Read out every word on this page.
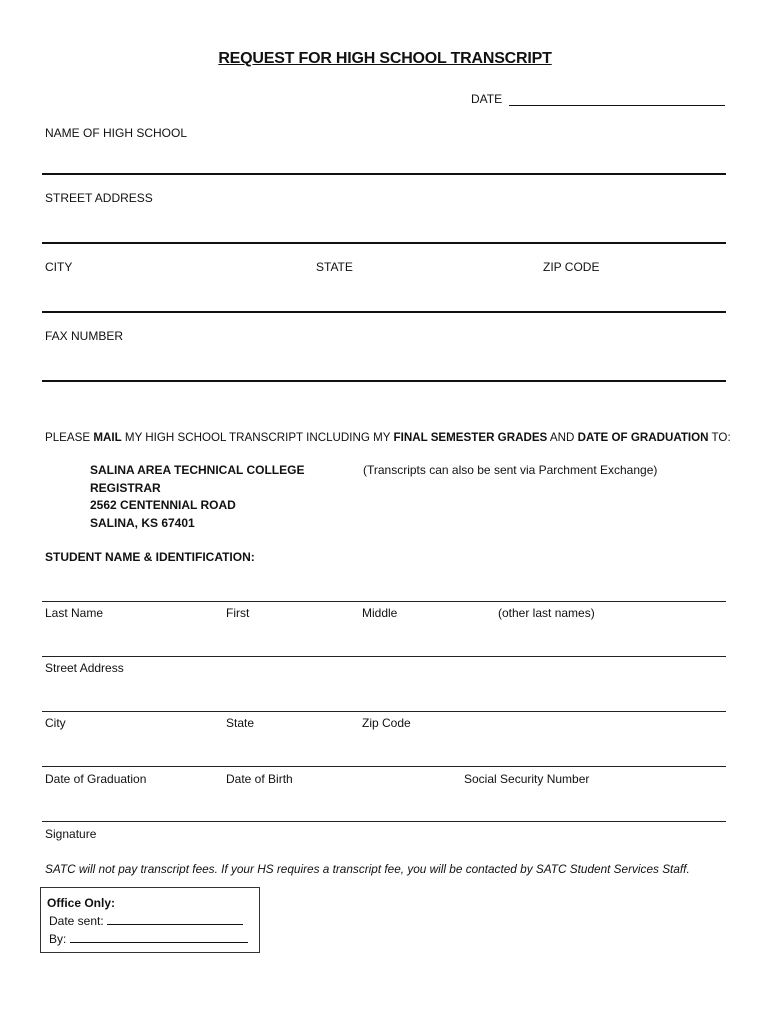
REQUEST FOR HIGH SCHOOL TRANSCRIPT
DATE
NAME OF HIGH SCHOOL
STREET ADDRESS
CITY	STATE	ZIP CODE
FAX NUMBER
PLEASE MAIL MY HIGH SCHOOL TRANSCRIPT INCLUDING MY FINAL SEMESTER GRADES AND DATE OF GRADUATION TO:
SALINA AREA TECHNICAL COLLEGE
REGISTRAR
2562 CENTENNIAL ROAD
SALINA, KS 67401
(Transcripts can also be sent via Parchment Exchange)
STUDENT NAME & IDENTIFICATION:
Last Name	First	Middle	(other last names)
Street Address
City	State	Zip Code
Date of Graduation	Date of Birth	Social Security Number
Signature
SATC will not pay transcript fees. If your HS requires a transcript fee, you will be contacted by SATC Student Services Staff.
Office Only:
Date sent:
By:
